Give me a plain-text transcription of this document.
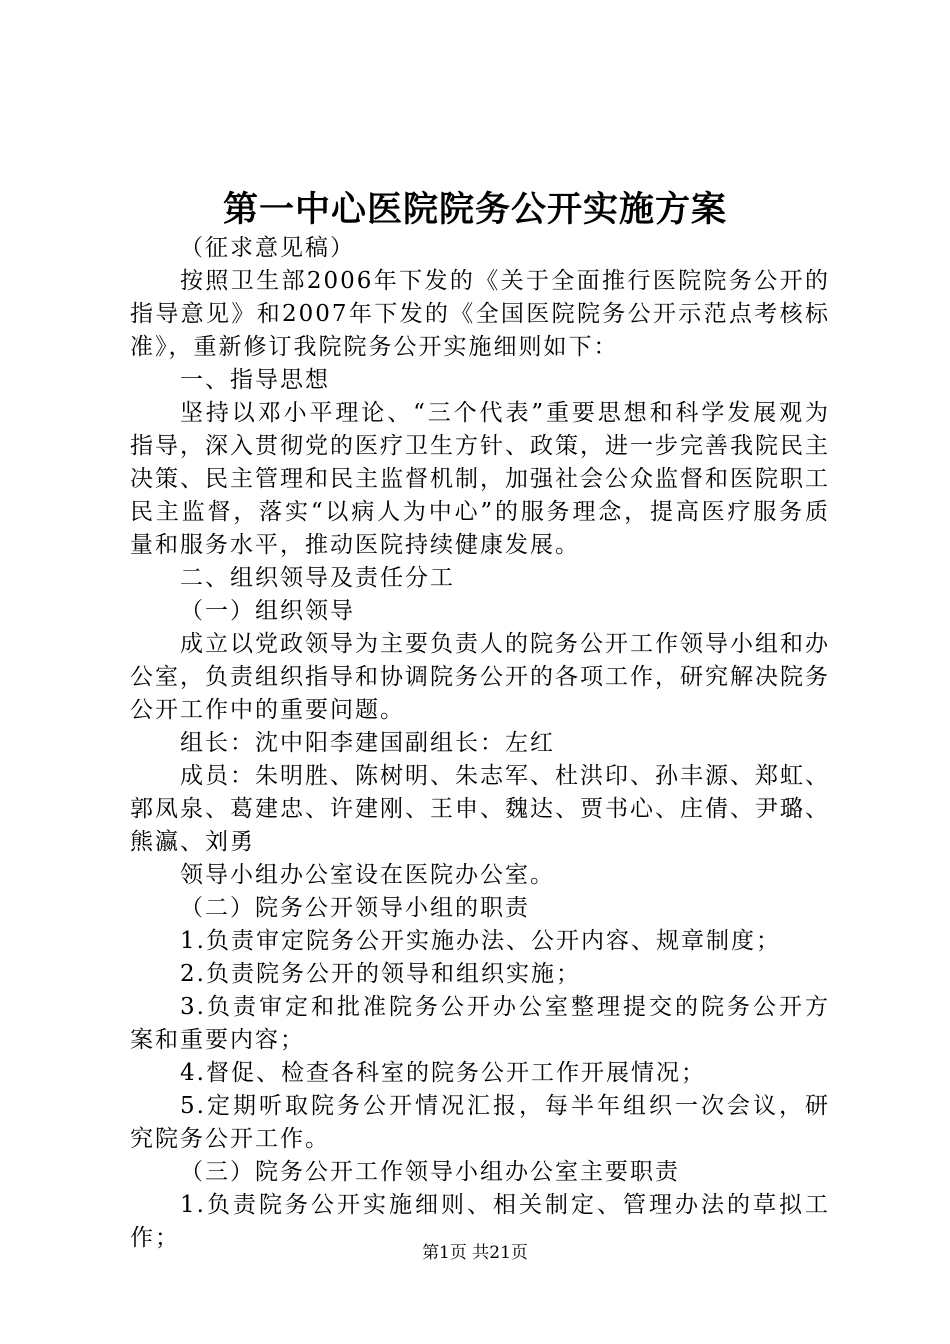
第一中心医院院务公开实施方案

（征求意见稿）

按照卫生部2006年下发的《关于全面推行医院院务公开的指导意见》和2007年下发的《全国医院院务公开示范点考核标准》，重新修订我院院务公开实施细则如下：

一、指导思想

坚持以邓小平理论、“三个代表”重要思想和科学发展观为指导，深入贯彻党的医疗卫生方针、政策，进一步完善我院民主决策、民主管理和民主监督机制，加强社会公众监督和医院职工民主监督，落实“以病人为中心”的服务理念，提高医疗服务质量和服务水平，推动医院持续健康发展。

二、组织领导及责任分工

（一）组织领导

成立以党政领导为主要负责人的院务公开工作领导小组和办公室，负责组织指导和协调院务公开的各项工作，研究解决院务公开工作中的重要问题。

组长：沈中阳李建国副组长：左红

成员：朱明胜、陈树明、朱志军、杜洪印、孙丰源、郑虹、郭凤泉、葛建忠、许建刚、王申、魏达、贾书心、庄倩、尹璐、熊瀛、刘勇

领导小组办公室设在医院办公室。

（二）院务公开领导小组的职责

1.负责审定院务公开实施办法、公开内容、规章制度；

2.负责院务公开的领导和组织实施；

3.负责审定和批准院务公开办公室整理提交的院务公开方案和重要内容；

4.督促、检查各科室的院务公开工作开展情况；

5.定期听取院务公开情况汇报，每半年组织一次会议，研究院务公开工作。

（三）院务公开工作领导小组办公室主要职责

1.负责院务公开实施细则、相关制定、管理办法的草拟工作；

第1页 共21页
